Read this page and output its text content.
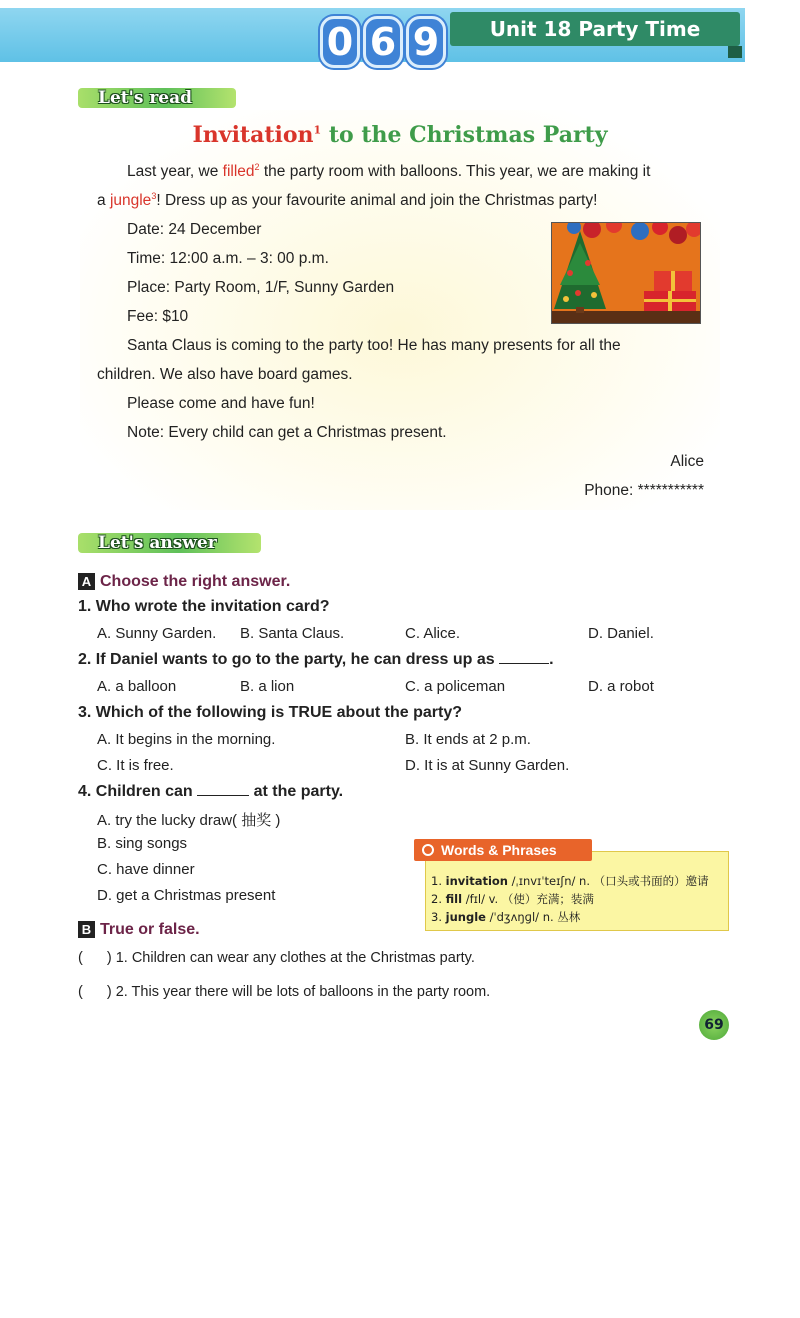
0 6 9	Unit 18 Party Time
Let's read
Invitation$^1$ to the Christmas Party
Last year, we filled$^2$ the party room with balloons. This year, we are making it
a jungle$^3$! Dress up as your favourite animal and join the Christmas party!
Date: 24 December
Time: 12:00 a.m. – 3: 00 p.m.
Place: Party Room, 1/F, Sunny Garden
Fee: $10
Santa Claus is coming to the party too! He has many presents for all the
children. We also have board games.
Please come and have fun!
Note: Every child can get a Christmas present.
Alice
Phone: ***********
Let's answer
A Choose the right answer.
1. Who wrote the invitation card?
A. Sunny Garden. B. Santa Claus.	C. Alice.	D. Daniel.
2. If Daniel wants to go to the party, he can dress up as	.
A. a balloon	B. a lion	C. a policeman	D. a robot
3. Which of the following is TRUE about the party?
A. It begins in the morning.	B. It ends at 2 p.m.
C. It is free.	D. It is at Sunny Garden.
4. Children can	at the party.
A. try the lucky draw( 抽奖 )
B. sing songs
C. have dinner
D. get a Christmas present
Words & Phrases
1. invitation /ˌɪnvɪˈteɪʃn/ n. （口头或书面的）邀请
2. fill /fɪl/ v. （使）充满；装满
3. jungle /ˈdʒʌŋɡl/ n. 丛林
B True or false.
( ) 1. Children can wear any clothes at the Christmas party.
( ) 2. This year there will be lots of balloons in the party room.
69
